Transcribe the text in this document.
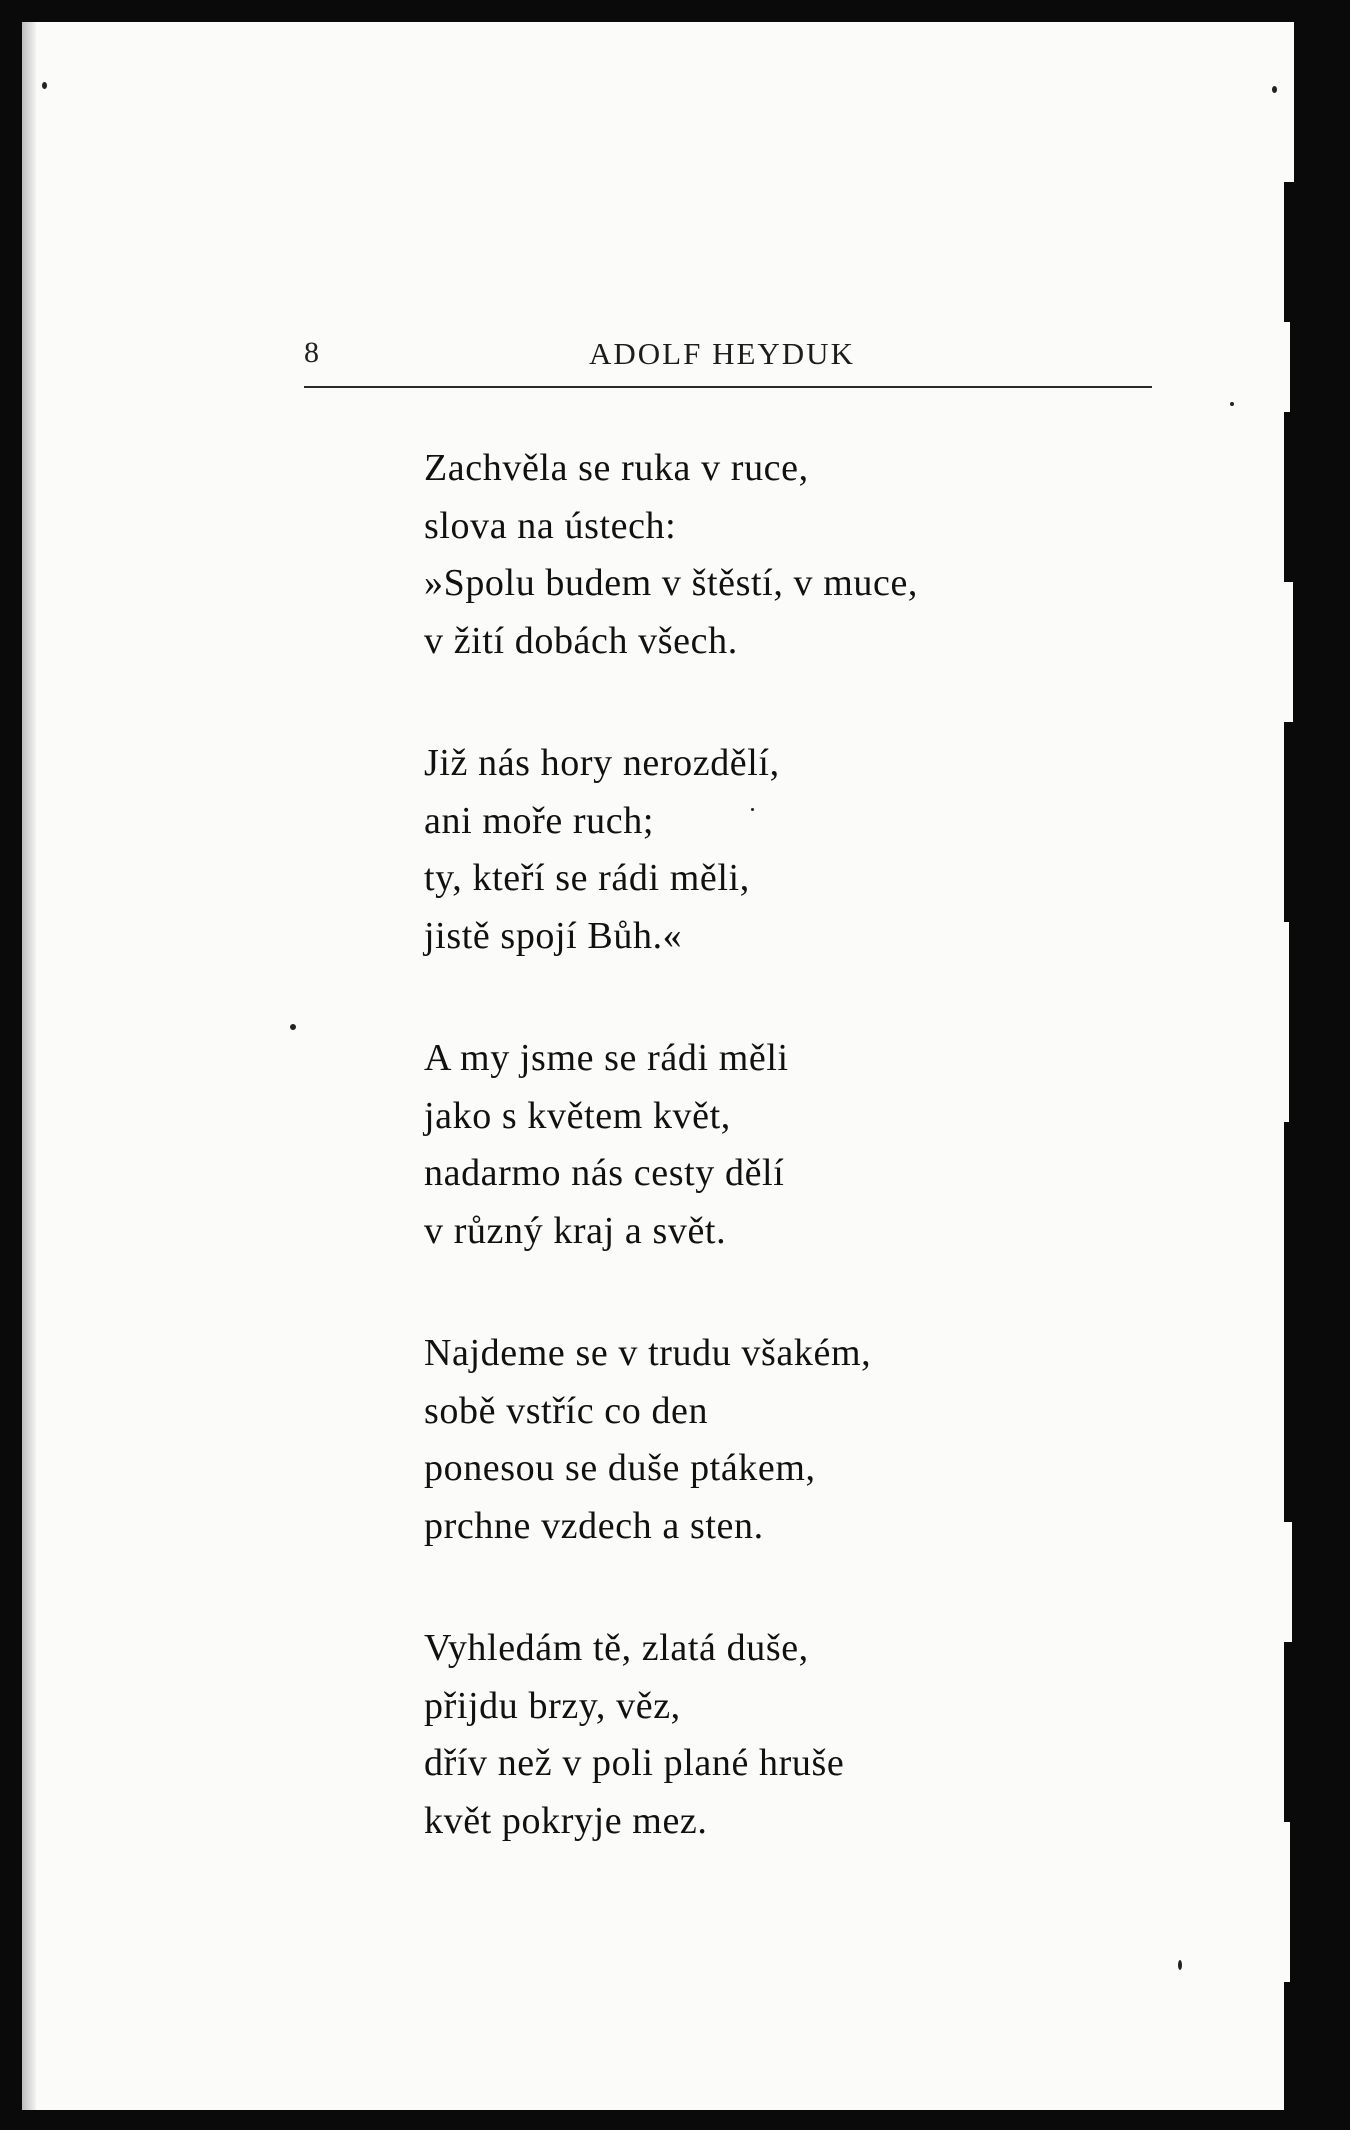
8	ADOLF HEYDUK
Zachvěla se ruka v ruce,
slova na ústech:
»Spolu budem v štěstí, v muce,
v žití dobách všech.
Již nás hory nerozdělí,
ani moře ruch;
ty, kteří se rádi měli,
jistě spojí Bůh.«
A my jsme se rádi měli
jako s květem květ,
nadarmo nás cesty dělí
v různý kraj a svět.
Najdeme se v trudu všakém,
sobě vstříc co den
ponesou se duše ptákem,
prchne vzdech a sten.
Vyhledám tě, zlatá duše,
přijdu brzy, věz,
dřív než v poli plané hruše
květ pokryje mez.
